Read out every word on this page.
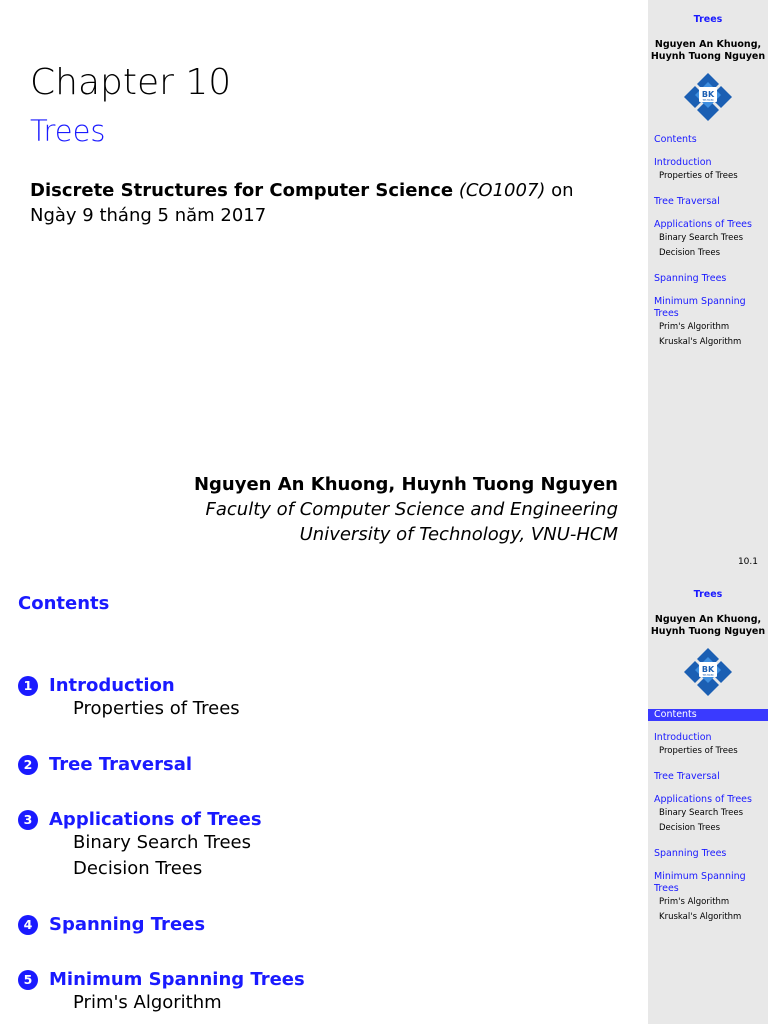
Chapter 10
Trees
Discrete Structures for Computer Science (CO1007) on Ngày 9 tháng 5 năm 2017
Nguyen An Khuong, Huynh Tuong Nguyen
Faculty of Computer Science and Engineering
University of Technology, VNU-HCM
Trees
Nguyen An Khuong,
Huynh Tuong Nguyen
BK
TP.HCM
Contents
Introduction
Properties of Trees
Tree Traversal
Applications of Trees
Binary Search Trees
Decision Trees
Spanning Trees
Minimum Spanning Trees
Prim's Algorithm
Kruskal's Algorithm
10.1
Contents
1 Introduction
Properties of Trees
2 Tree Traversal
3 Applications of Trees
Binary Search Trees
Decision Trees
4 Spanning Trees
5 Minimum Spanning Trees
Prim's Algorithm
Trees
Nguyen An Khuong,
Huynh Tuong Nguyen
BK
TP.HCM
Contents
Introduction
Properties of Trees
Tree Traversal
Applications of Trees
Binary Search Trees
Decision Trees
Spanning Trees
Minimum Spanning Trees
Prim's Algorithm
Kruskal's Algorithm
